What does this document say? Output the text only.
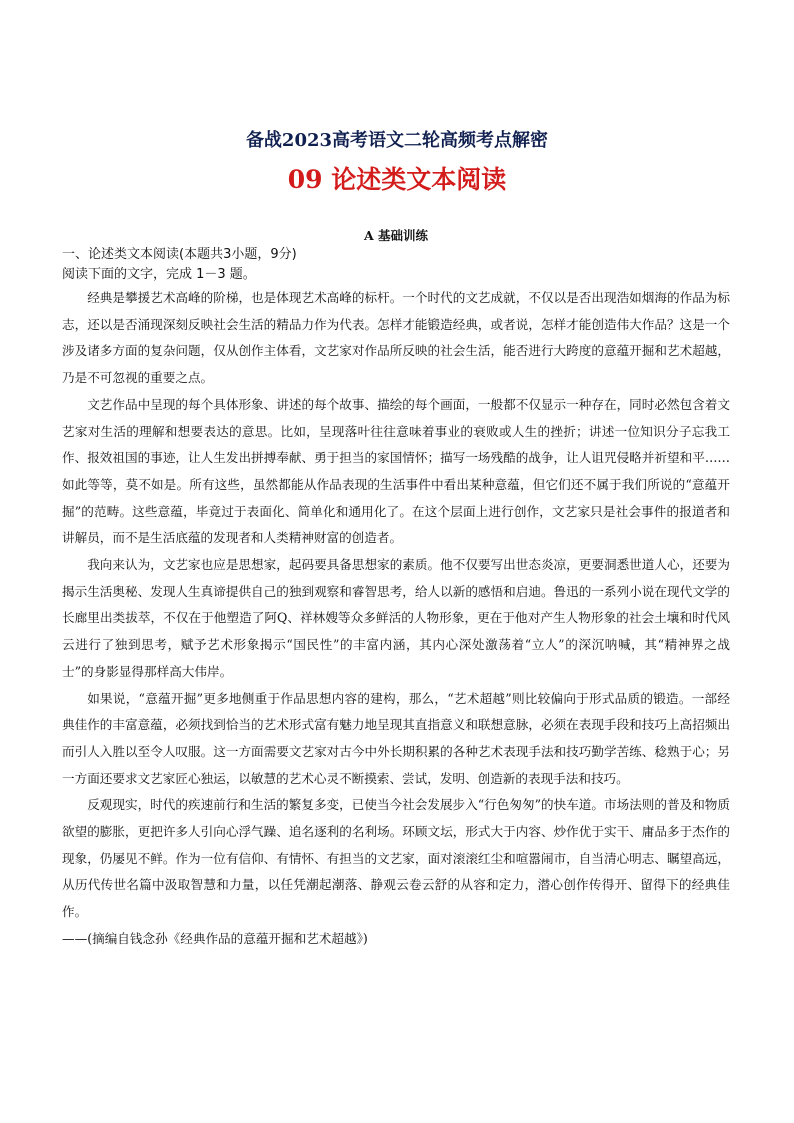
备战2023高考语文二轮高频考点解密
09 论述类文本阅读
A 基础训练
一、论述类文本阅读(本题共3小题，9分)
阅读下面的文字，完成 1－3 题。

经典是攀援艺术高峰的阶梯，也是体现艺术高峰的标杆。一个时代的文艺成就，不仅以是否出现浩如烟海的作品为标志，还以是否涌现深刻反映社会生活的精品力作为代表。怎样才能锻造经典，或者说，怎样才能创造伟大作品？这是一个涉及诸多方面的复杂问题，仅从创作主体看，文艺家对作品所反映的社会生活，能否进行大跨度的意蕴开掘和艺术超越，乃是不可忽视的重要之点。

文艺作品中呈现的每个具体形象、讲述的每个故事、描绘的每个画面，一般都不仅显示一种存在，同时必然包含着文艺家对生活的理解和想要表达的意思。比如，呈现落叶往往意味着事业的衰败或人生的挫折；讲述一位知识分子忘我工作、报效祖国的事迹，让人生发出拼搏奉献、勇于担当的家国情怀；描写一场残酷的战争，让人诅咒侵略并祈望和平……如此等等，莫不如是。所有这些，虽然都能从作品表现的生活事件中看出某种意蕴，但它们还不属于我们所说的“意蕴开掘”的范畴。这些意蕴，毕竟过于表面化、简单化和通用化了。在这个层面上进行创作，文艺家只是社会事件的报道者和讲解员，而不是生活底蕴的发现者和人类精神财富的创造者。

我向来认为，文艺家也应是思想家，起码要具备思想家的素质。他不仅要写出世态炎凉，更要洞悉世道人心，还要为揭示生活奥秘、发现人生真谛提供自己的独到观察和睿智思考，给人以新的感悟和启迪。鲁迅的一系列小说在现代文学的长廊里出类拔萃，不仅在于他塑造了阿Q、祥林嫂等众多鲜活的人物形象，更在于他对产生人物形象的社会土壤和时代风云进行了独到思考，赋予艺术形象揭示“国民性”的丰富内涵，其内心深处激荡着“立人”的深沉呐喊，其“精神界之战士”的身影显得那样高大伟岸。

如果说，“意蕴开掘”更多地侧重于作品思想内容的建构，那么，“艺术超越”则比较偏向于形式品质的锻造。一部经典佳作的丰富意蕴，必须找到恰当的艺术形式富有魅力地呈现其直指意义和联想意脉，必须在表现手段和技巧上高招频出而引人入胜以至令人叹服。这一方面需要文艺家对古今中外长期积累的各种艺术表现手法和技巧勤学苦练、稔熟于心；另一方面还要求文艺家匠心独运，以敏慧的艺术心灵不断摸索、尝试，发明、创造新的表现手法和技巧。

反观现实，时代的疾速前行和生活的繁复多变，已使当今社会发展步入“行色匆匆”的快车道。市场法则的普及和物质欲望的膨胀，更把许多人引向心浮气躁、追名逐利的名利场。环顾文坛，形式大于内容、炒作优于实干、庸品多于杰作的现象，仍屡见不鲜。作为一位有信仰、有情怀、有担当的文艺家，面对滚滚红尘和喧嚣闹市，自当清心明志、瞩望高远，从历代传世名篇中汲取智慧和力量，以任凭潮起潮落、静观云卷云舒的从容和定力，潜心创作传得开、留得下的经典佳作。

——(摘编自钱念孙《经典作品的意蕴开掘和艺术超越》)
